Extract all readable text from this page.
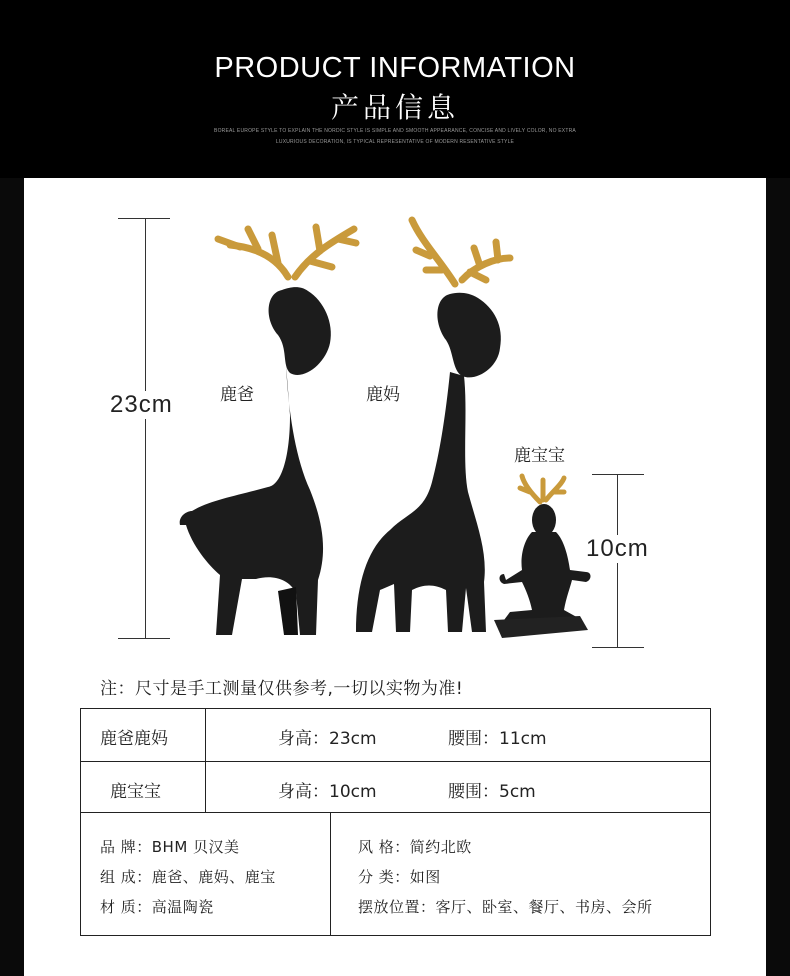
PRODUCT INFORMATION
产品信息
BOREAL EUROPE STYLE TO EXPLAIN THE NORDIC STYLE IS SIMPLE AND SMOOTH APPEARANCE, CONCISE AND LIVELY COLOR, NO EXTRA
LUXURIOUS DECORATION, IS TYPICAL REPRESENTATIVE OF MODERN RESENTATIVE STYLE
23cm
10cm
鹿爸	鹿妈
鹿宝宝
注：尺寸是手工测量仅供参考,一切以实物为准!
鹿爸鹿妈	身高：23cm	腰围：11cm
鹿宝宝	身高：10cm	腰围：5cm
品 牌：BHM 贝汉美
组 成：鹿爸、鹿妈、鹿宝
材 质：高温陶瓷
风 格：简约北欧
分 类：如图
摆放位置：客厅、卧室、餐厅、书房、会所
